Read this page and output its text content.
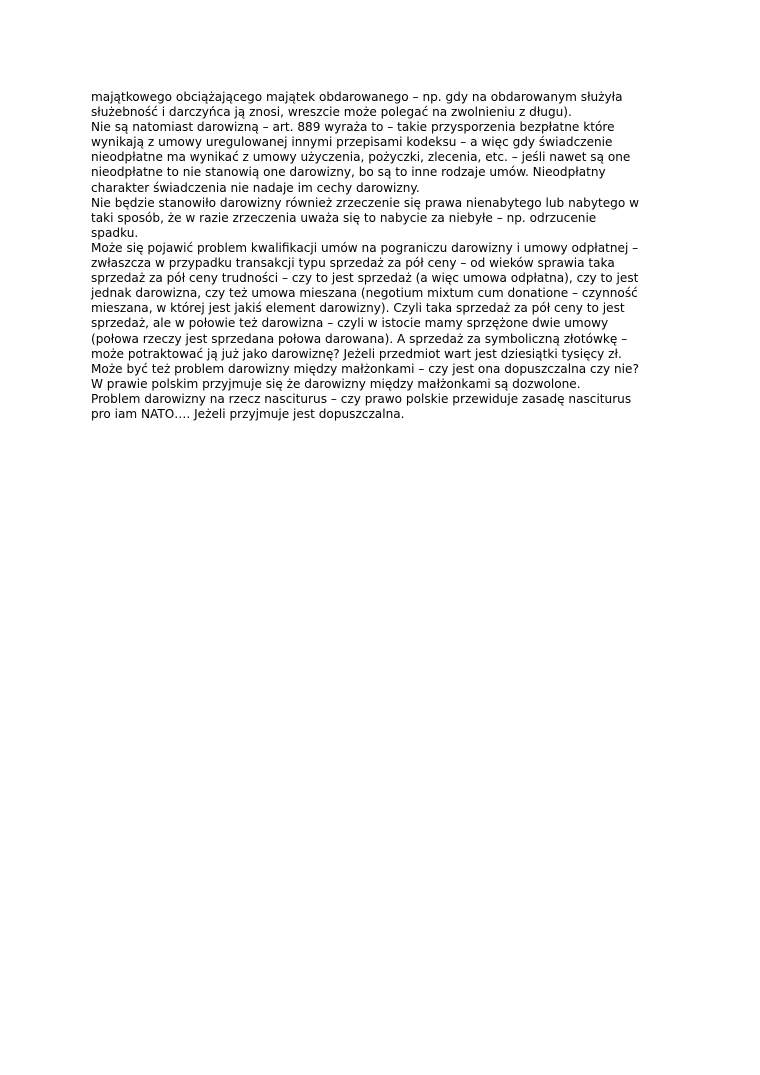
majątkowego obciążającego majątek obdarowanego – np. gdy na obdarowanym służyła
służebność i darczyńca ją znosi, wreszcie może polegać na zwolnieniu z długu).
Nie są natomiast darowizną – art. 889 wyraża to – takie przysporzenia bezpłatne które
wynikają z umowy uregulowanej innymi przepisami kodeksu – a więc gdy świadczenie
nieodpłatne ma wynikać z umowy użyczenia, pożyczki, zlecenia, etc. – jeśli nawet są one
nieodpłatne to nie stanowią one darowizny, bo są to inne rodzaje umów. Nieodpłatny
charakter świadczenia nie nadaje im cechy darowizny.
Nie będzie stanowiło darowizny również zrzeczenie się prawa nienabytego lub nabytego w
taki sposób, że w razie zrzeczenia uważa się to nabycie za niebyłe – np. odrzucenie
spadku.
Może się pojawić problem kwalifikacji umów na pograniczu darowizny i umowy odpłatnej –
zwłaszcza w przypadku transakcji typu sprzedaż za pół ceny – od wieków sprawia taka
sprzedaż za pół ceny trudności – czy to jest sprzedaż (a więc umowa odpłatna), czy to jest
jednak darowizna, czy też umowa mieszana (negotium mixtum cum donatione – czynność
mieszana, w której jest jakiś element darowizny). Czyli taka sprzedaż za pół ceny to jest
sprzedaż, ale w połowie też darowizna – czyli w istocie mamy sprzężone dwie umowy
(połowa rzeczy jest sprzedana połowa darowana). A sprzedaż za symboliczną złotówkę –
może potraktować ją już jako darowiznę? Jeżeli przedmiot wart jest dziesiątki tysięcy zł.
Może być też problem darowizny między małżonkami – czy jest ona dopuszczalna czy nie?
W prawie polskim przyjmuje się że darowizny między małżonkami są dozwolone.
Problem darowizny na rzecz nasciturus – czy prawo polskie przewiduje zasadę nasciturus
pro iam NATO…. Jeżeli przyjmuje jest dopuszczalna.
